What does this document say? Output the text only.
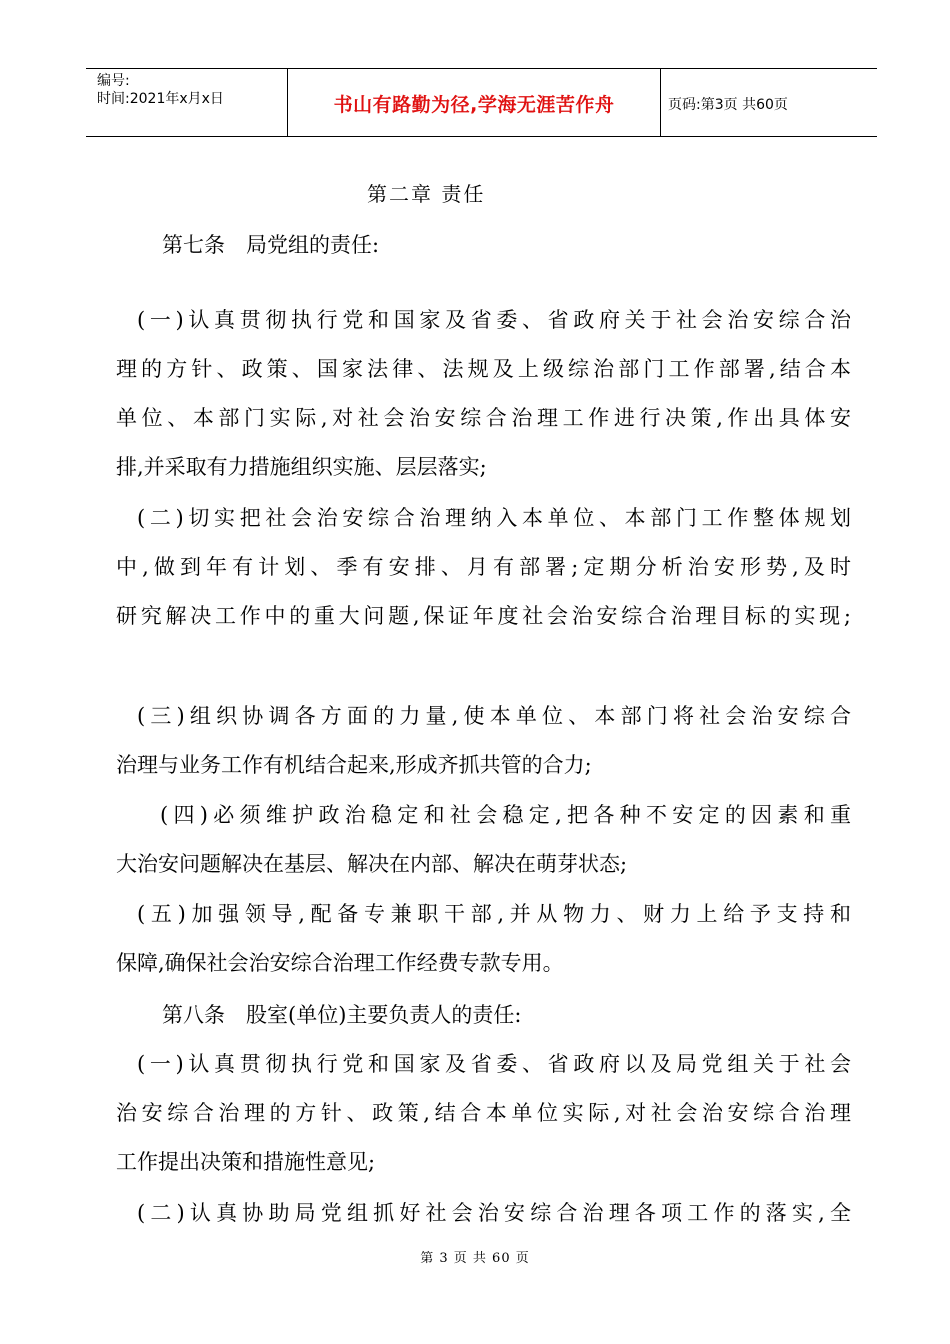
编号:
时间:2021年x月x日	书山有路勤为径,学海无涯苦作舟	页码:第3页 共60页
第二章 责任
第七条　局党组的责任:
(一)认真贯彻执行党和国家及省委、省政府关于社会治安综合治
理的方针、政策、国家法律、法规及上级综治部门工作部署,结合本
单位、本部门实际,对社会治安综合治理工作进行决策,作出具体安
排,并采取有力措施组织实施、层层落实;
(二)切实把社会治安综合治理纳入本单位、本部门工作整体规划
中,做到年有计划、季有安排、月有部署;定期分析治安形势,及时
研究解决工作中的重大问题,保证年度社会治安综合治理目标的实现;
(三)组织协调各方面的力量,使本单位、本部门将社会治安综合
治理与业务工作有机结合起来,形成齐抓共管的合力;
(四)必须维护政治稳定和社会稳定,把各种不安定的因素和重
大治安问题解决在基层、解决在内部、解决在萌芽状态;
(五)加强领导,配备专兼职干部,并从物力、财力上给予支持和
保障,确保社会治安综合治理工作经费专款专用。
第八条　股室(单位)主要负责人的责任:
(一)认真贯彻执行党和国家及省委、省政府以及局党组关于社会
治安综合治理的方针、政策,结合本单位实际,对社会治安综合治理
工作提出决策和措施性意见;
(二)认真协助局党组抓好社会治安综合治理各项工作的落实,全
第 3 页 共 60 页
